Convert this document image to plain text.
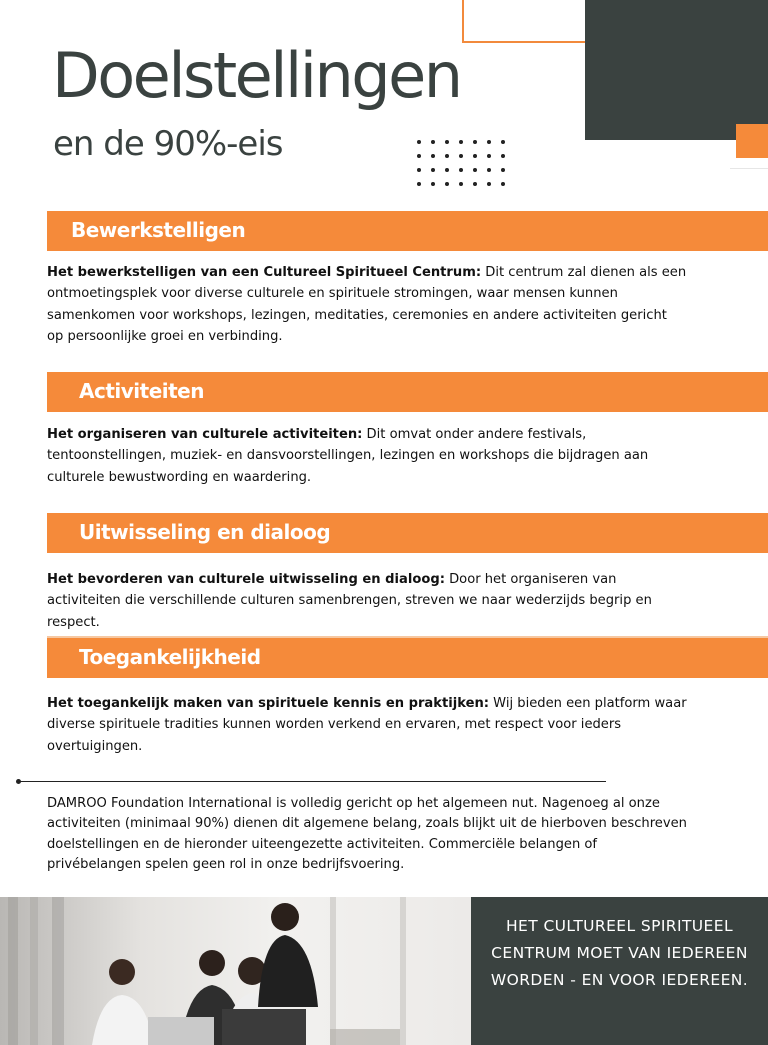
Doelstellingen
en de 90%-eis
Bewerkstelligen

Het bewerkstelligen van een Cultureel Spiritueel Centrum: Dit centrum zal dienen als een ontmoetingsplek voor diverse culturele en spirituele stromingen, waar mensen kunnen samenkomen voor workshops, lezingen, meditaties, ceremonies en andere activiteiten gericht op persoonlijke groei en verbinding.

Activiteiten

Het organiseren van culturele activiteiten: Dit omvat onder andere festivals, tentoonstellingen, muziek- en dansvoorstellingen, lezingen en workshops die bijdragen aan culturele bewustwording en waardering.

Uitwisseling en dialoog

Het bevorderen van culturele uitwisseling en dialoog: Door het organiseren van activiteiten die verschillende culturen samenbrengen, streven we naar wederzijds begrip en respect.

Toegankelijkheid

Het toegankelijk maken van spirituele kennis en praktijken: Wij bieden een platform waar diverse spirituele tradities kunnen worden verkend en ervaren, met respect voor ieders overtuigingen.

DAMROO Foundation International is volledig gericht op het algemeen nut. Nagenoeg al onze activiteiten (minimaal 90%) dienen dit algemene belang, zoals blijkt uit de hierboven beschreven doelstellingen en de hieronder uiteengezette activiteiten. Commerciële belangen of privébelangen spelen geen rol in onze bedrijfsvoering.

HET CULTUREEL SPIRITUEEL CENTRUM MOET VAN IEDEREEN WORDEN - EN VOOR IEDEREEN.
